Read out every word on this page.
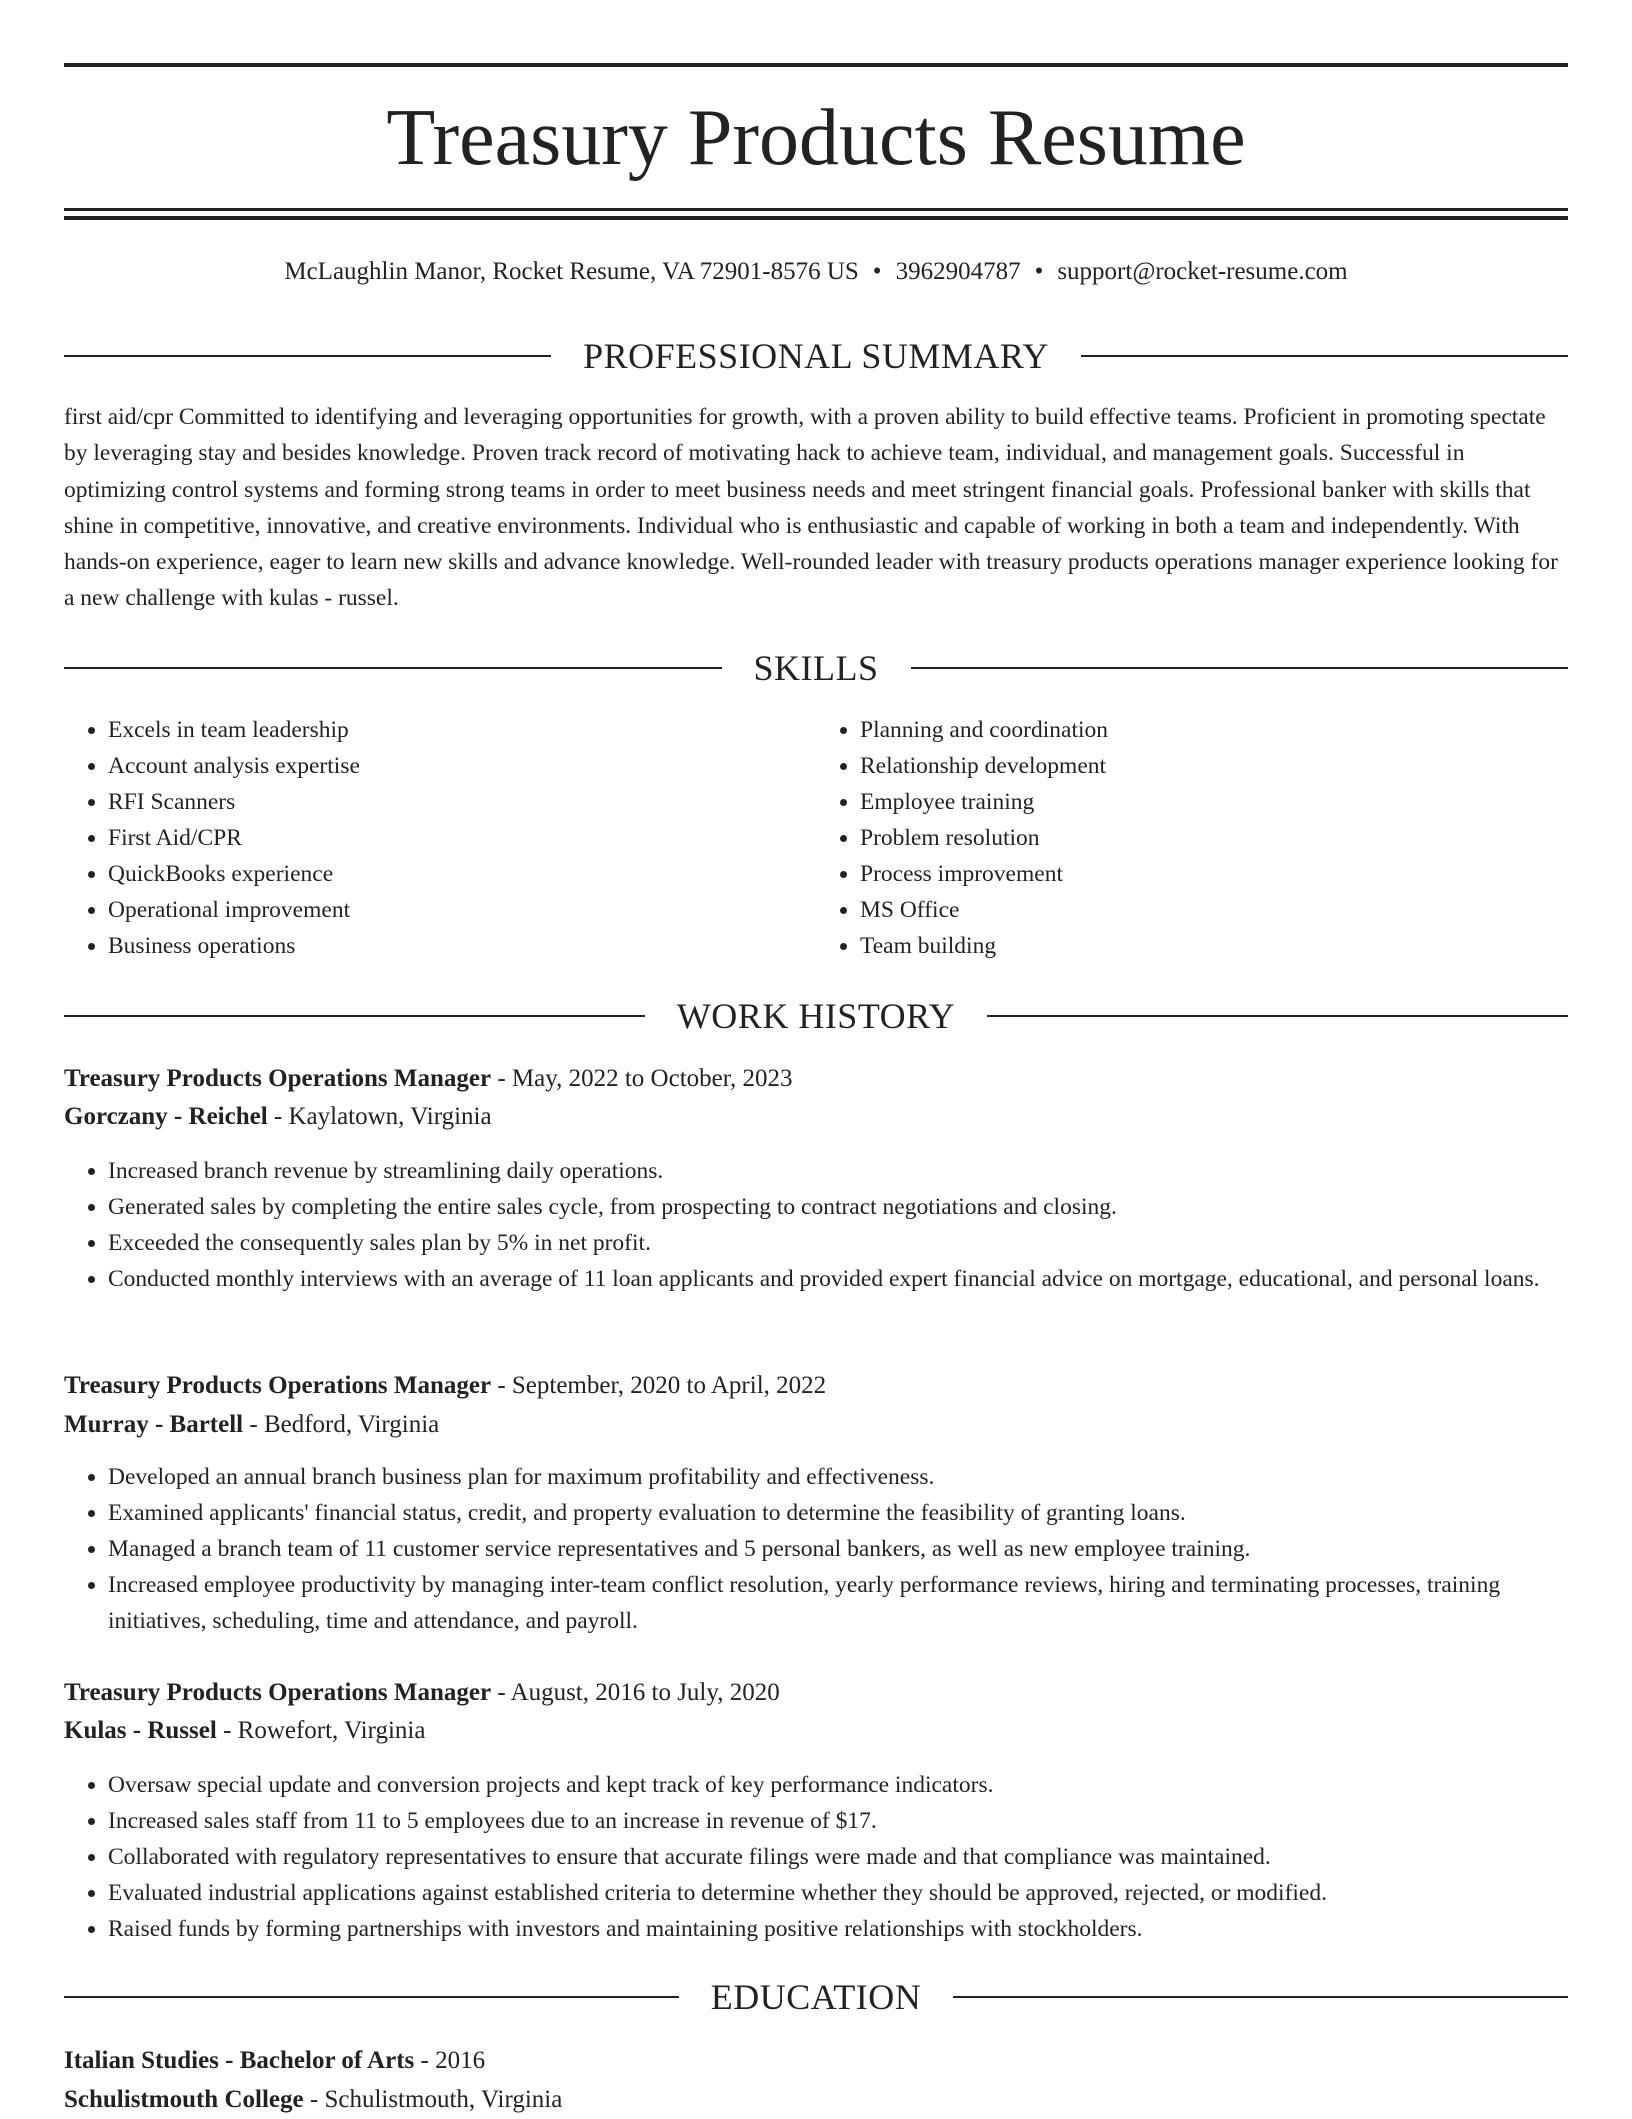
Treasury Products Resume
McLaughlin Manor, Rocket Resume, VA 72901-8576 US • 3962904787 • support@rocket-resume.com
PROFESSIONAL SUMMARY

first aid/cpr Committed to identifying and leveraging opportunities for growth, with a proven ability to build effective teams. Proficient in promoting spectate by leveraging stay and besides knowledge. Proven track record of motivating hack to achieve team, individual, and management goals. Successful in optimizing control systems and forming strong teams in order to meet business needs and meet stringent financial goals. Professional banker with skills that shine in competitive, innovative, and creative environments. Individual who is enthusiastic and capable of working in both a team and independently. With hands-on experience, eager to learn new skills and advance knowledge. Well-rounded leader with treasury products operations manager experience looking for a new challenge with kulas - russel.

SKILLS
• Excels in team leadership
• Account analysis expertise
• RFI Scanners
• First Aid/CPR
• QuickBooks experience
• Operational improvement
• Business operations
• Planning and coordination
• Relationship development
• Employee training
• Problem resolution
• Process improvement
• MS Office
• Team building
WORK HISTORY
Treasury Products Operations Manager - May, 2022 to October, 2023
Gorczany - Reichel - Kaylatown, Virginia
• Increased branch revenue by streamlining daily operations.
• Generated sales by completing the entire sales cycle, from prospecting to contract negotiations and closing.
• Exceeded the consequently sales plan by 5% in net profit.
• Conducted monthly interviews with an average of 11 loan applicants and provided expert financial advice on mortgage, educational, and personal loans.
Treasury Products Operations Manager - September, 2020 to April, 2022
Murray - Bartell - Bedford, Virginia
• Developed an annual branch business plan for maximum profitability and effectiveness.
• Examined applicants' financial status, credit, and property evaluation to determine the feasibility of granting loans.
• Managed a branch team of 11 customer service representatives and 5 personal bankers, as well as new employee training.
• Increased employee productivity by managing inter-team conflict resolution, yearly performance reviews, hiring and terminating processes, training initiatives, scheduling, time and attendance, and payroll.
Treasury Products Operations Manager - August, 2016 to July, 2020
Kulas - Russel - Rowefort, Virginia
• Oversaw special update and conversion projects and kept track of key performance indicators.
• Increased sales staff from 11 to 5 employees due to an increase in revenue of $17.
• Collaborated with regulatory representatives to ensure that accurate filings were made and that compliance was maintained.
• Evaluated industrial applications against established criteria to determine whether they should be approved, rejected, or modified.
• Raised funds by forming partnerships with investors and maintaining positive relationships with stockholders.
EDUCATION
Italian Studies - Bachelor of Arts - 2016
Schulistmouth College - Schulistmouth, Virginia
